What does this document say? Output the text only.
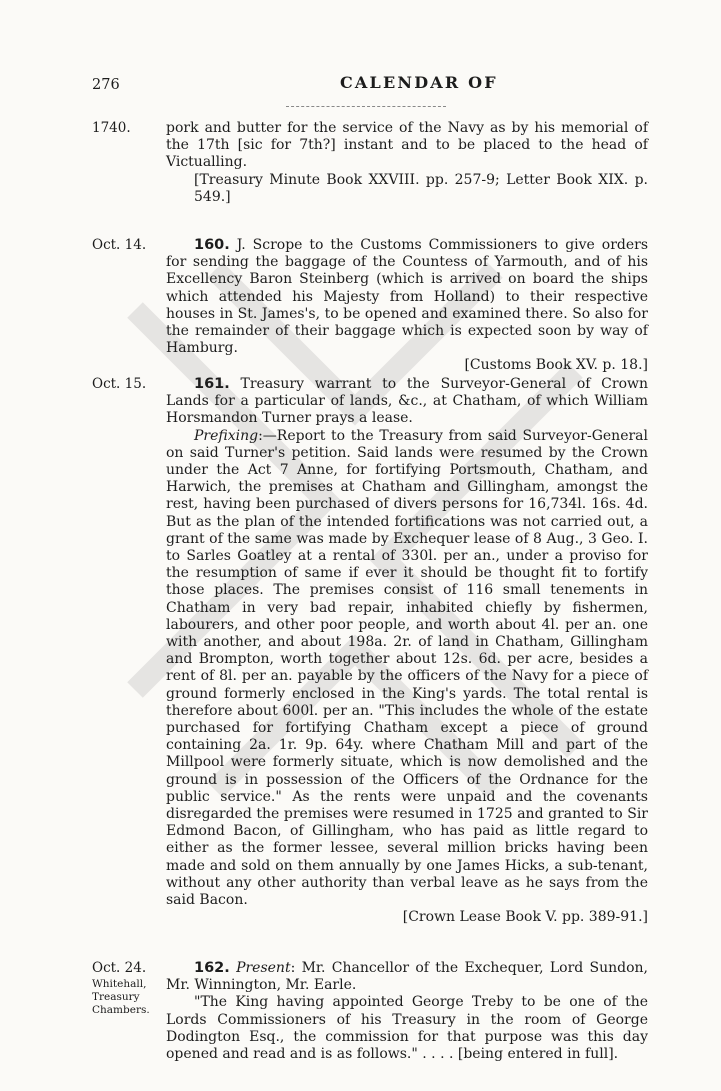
276	CALENDAR OF
1740.	pork and butter for the service of the Navy as by his memorial of the 17th [sic for 7th?] instant and to be placed to the head of Victualling.

[Treasury Minute Book XXVIII. pp. 257-9; Letter Book XIX. p. 549.]

Oct. 14.	160. J. Scrope to the Customs Commissioners to give orders for sending the baggage of the Countess of Yarmouth, and of his Excellency Baron Steinberg (which is arrived on board the ships which attended his Majesty from Holland) to their respective houses in St. James's, to be opened and examined there. So also for the remainder of their baggage which is expected soon by way of Hamburg.

[Customs Book XV. p. 18.]

Oct. 15.	161. Treasury warrant to the Surveyor-General of Crown Lands for a particular of lands, &c., at Chatham, of which William Horsmandon Turner prays a lease.

Prefixing:—Report to the Treasury from said Surveyor-General on said Turner's petition. Said lands were resumed by the Crown under the Act 7 Anne, for fortifying Portsmouth, Chatham, and Harwich, the premises at Chatham and Gillingham, amongst the rest, having been purchased of divers persons for 16,734l. 16s. 4d. But as the plan of the intended fortifications was not carried out, a grant of the same was made by Exchequer lease of 8 Aug., 3 Geo. I. to Sarles Goatley at a rental of 330l. per an., under a proviso for the resumption of same if ever it should be thought fit to fortify those places. The premises consist of 116 small tenements in Chatham in very bad repair, inhabited chiefly by fishermen, labourers, and other poor people, and worth about 4l. per an. one with another, and about 198a. 2r. of land in Chatham, Gillingham and Brompton, worth together about 12s. 6d. per acre, besides a rent of 8l. per an. payable by the officers of the Navy for a piece of ground formerly enclosed in the King's yards. The total rental is therefore about 600l. per an. "This includes the whole of the estate purchased for fortifying Chatham except a piece of ground containing 2a. 1r. 9p. 64y. where Chatham Mill and part of the Millpool were formerly situate, which is now demolished and the ground is in possession of the Officers of the Ordnance for the public service." As the rents were unpaid and the covenants disregarded the premises were resumed in 1725 and granted to Sir Edmond Bacon, of Gillingham, who has paid as little regard to either as the former lessee, several million bricks having been made and sold on them annually by one James Hicks, a sub-tenant, without any other authority than verbal leave as he says from the said Bacon.

[Crown Lease Book V. pp. 389-91.]

Oct. 24.
Whitehall,
Treasury
Chambers.

162. Present: Mr. Chancellor of the Exchequer, Lord Sundon, Mr. Winnington, Mr. Earle.

"The King having appointed George Treby to be one of the Lords Commissioners of his Treasury in the room of George Dodington Esq., the commission for that purpose was this day opened and read and is as follows." . . . . [being entered in full].
